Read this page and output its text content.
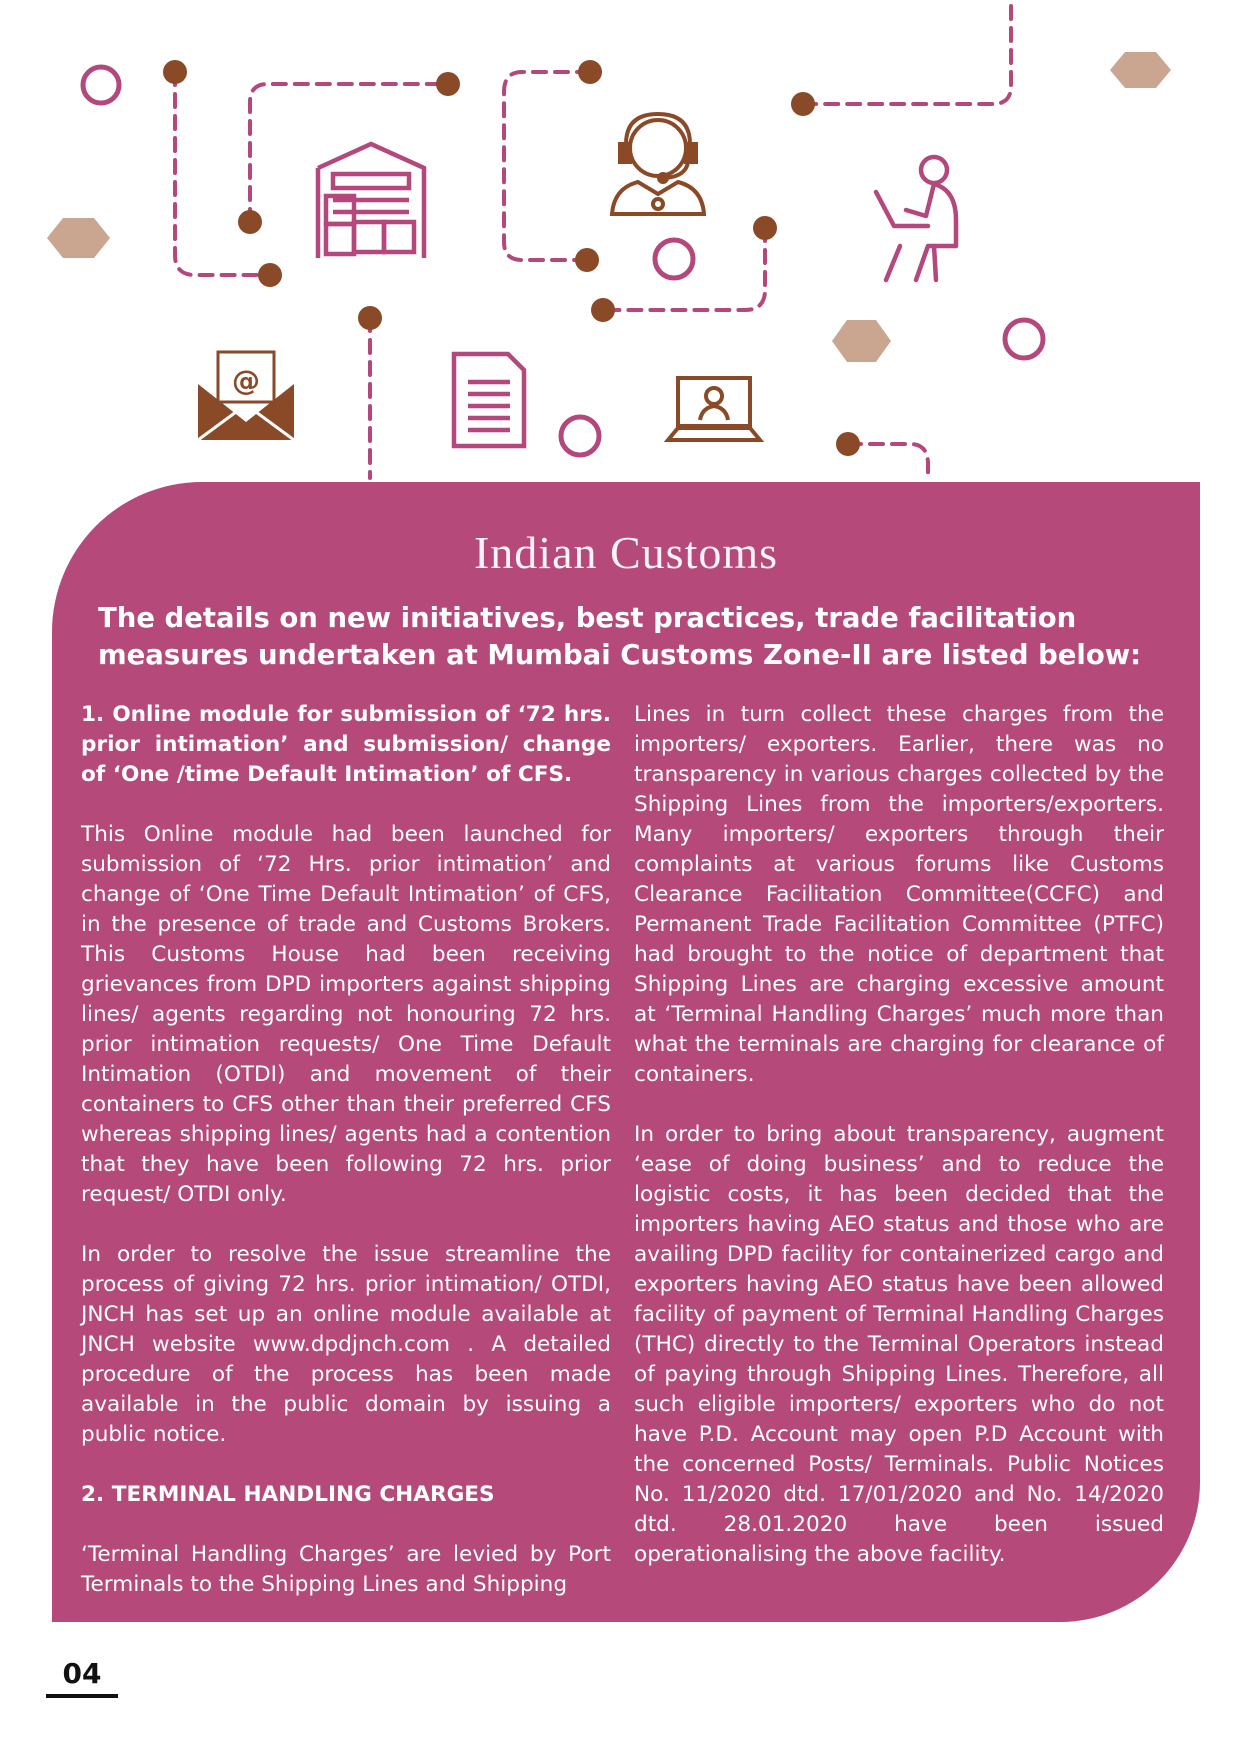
@
Indian Customs
The details on new initiatives, best practices, trade facilitation measures undertaken at Mumbai Customs Zone-II are listed below:
1. Online module for submission of ‘72 hrs. prior intimation’ and submission/ change of ‘One /time Default Intimation’ of CFS.

This Online module had been launched for submission of ‘72 Hrs. prior intimation’ and change of ‘One Time Default Intimation’ of CFS, in the presence of trade and Customs Brokers. This Customs House had been receiving grievances from DPD importers against shipping lines/ agents regarding not honouring 72 hrs. prior intimation requests/ One Time Default Intimation (OTDI) and movement of their containers to CFS other than their preferred CFS whereas shipping lines/ agents had a contention that they have been following 72 hrs. prior request/ OTDI only.

In order to resolve the issue streamline the process of giving 72 hrs. prior intimation/ OTDI, JNCH has set up an online module available at JNCH website www.dpdjnch.com . A detailed procedure of the process has been made available in the public domain by issuing a public notice.

2. TERMINAL HANDLING CHARGES

‘Terminal Handling Charges’ are levied by Port Terminals to the Shipping Lines and Shipping

Lines in turn collect these charges from the importers/ exporters. Earlier, there was no transparency in various charges collected by the Shipping Lines from the importers/exporters. Many importers/ exporters through their complaints at various forums like Customs Clearance Facilitation Committee(CCFC) and Permanent Trade Facilitation Committee (PTFC) had brought to the notice of department that Shipping Lines are charging excessive amount at ‘Terminal Handling Charges’ much more than what the terminals are charging for clearance of containers.

In order to bring about transparency, augment ‘ease of doing business’ and to reduce the logistic costs, it has been decided that the importers having AEO status and those who are availing DPD facility for containerized cargo and exporters having AEO status have been allowed facility of payment of Terminal Handling Charges (THC) directly to the Terminal Operators instead of paying through Shipping Lines. Therefore, all such eligible importers/ exporters who do not have P.D. Account may open P.D Account with the concerned Posts/ Terminals. Public Notices No. 11/2020 dtd. 17/01/2020 and No. 14/2020 dtd. 28.01.2020 have been issued operationalising the above facility.

04
